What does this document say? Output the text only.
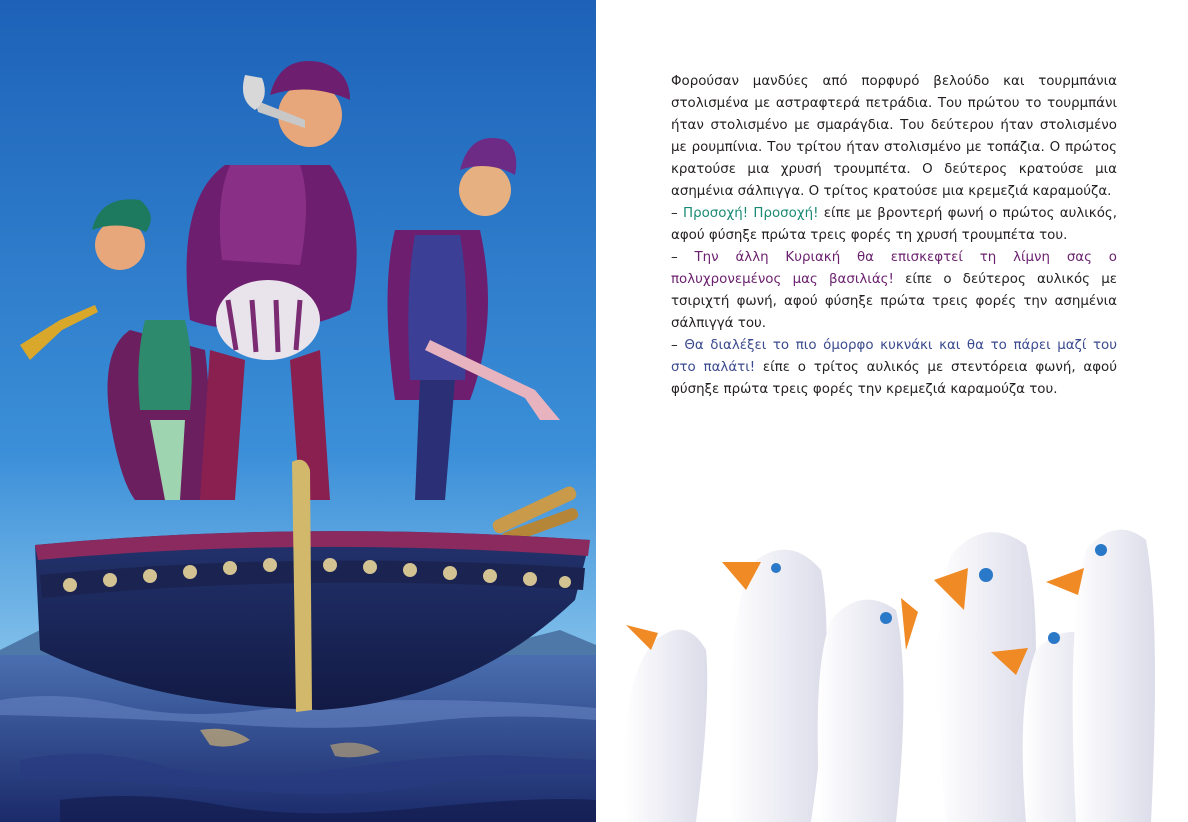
Φορούσαν μανδύες από πορφυρό βελούδο και τουρμπάνια στολισμένα με αστραφτερά πετράδια. Του πρώτου το τουρμπάνι ήταν στολισμένο με σμαράγδια. Του δεύτερου ήταν στολισμένο με ρουμπίνια. Του τρίτου ήταν στολισμένο με τοπάζια. Ο πρώτος κρατούσε μια χρυσή τρουμπέτα. Ο δεύτερος κρατούσε μια ασημένια σάλπιγγα. Ο τρίτος κρατούσε μια κρεμεζιά καραμούζα.

– Προσοχή! Προσοχή! είπε με βροντερή φωνή ο πρώτος αυλικός, αφού φύσηξε πρώτα τρεις φορές τη χρυσή τρουμπέτα του.

– Την άλλη Κυριακή θα επισκεφτεί τη λίμνη σας ο πολυχρονεμένος μας βασιλιάς! είπε ο δεύτερος αυλικός με τσιριχτή φωνή, αφού φύσηξε πρώτα τρεις φορές την ασημένια σάλπιγγά του.

– Θα διαλέξει το πιο όμορφο κυκνάκι και θα το πάρει μαζί του στο παλάτι! είπε ο τρίτος αυλικός με στεντόρεια φωνή, αφού φύσηξε πρώτα τρεις φορές την κρεμεζιά καραμούζα του.
